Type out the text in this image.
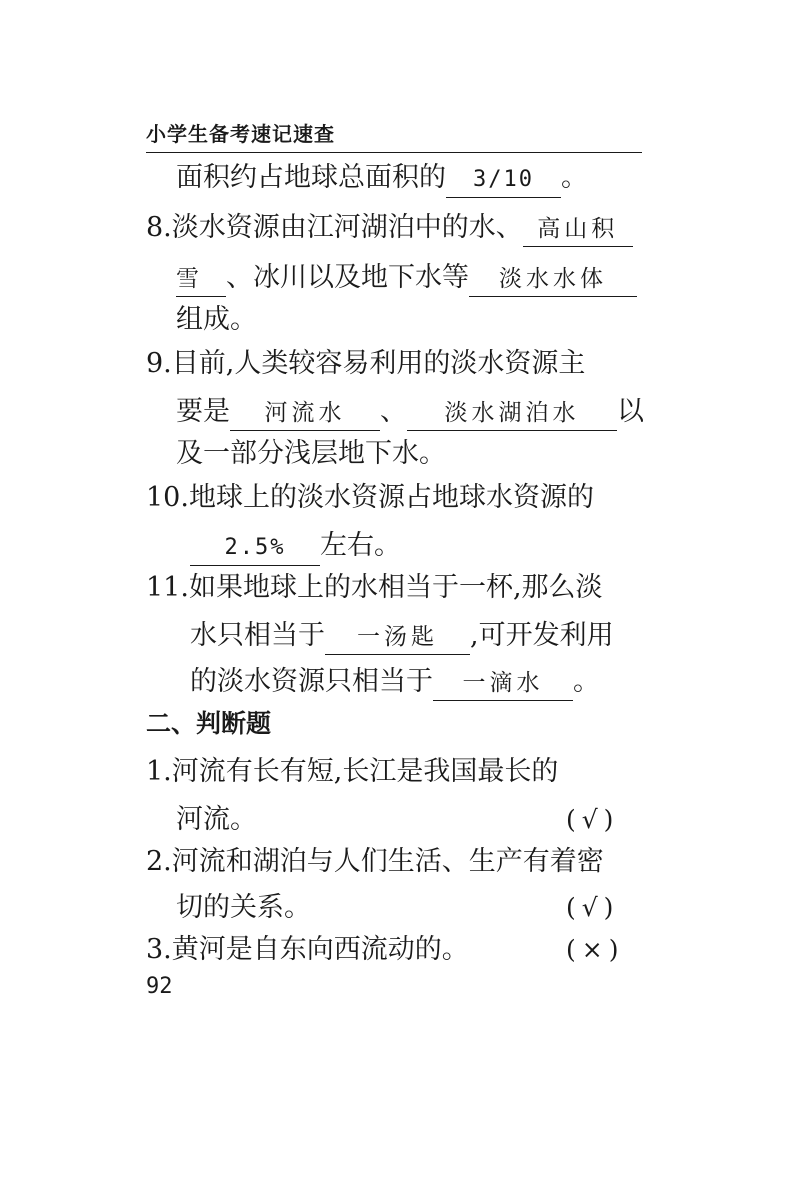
小学生备考速记速查
面积约占地球总面积的 3/10 。
8.淡水资源由江河湖泊中的水、 高山积
雪 、冰川以及地下水等 淡水水体
组成。
9.目前,人类较容易利用的淡水资源主
要是 河流水 、 淡水湖泊水 以
及一部分浅层地下水。
10.地球上的淡水资源占地球水资源的
2.5% 左右。
11.如果地球上的水相当于一杯,那么淡
水只相当于 一汤匙 ,可开发利用
的淡水资源只相当于 一滴水 。
二、判断题
1.河流有长有短,长江是我国最长的
河流。	(√)
2.河流和湖泊与人们生活、生产有着密
切的关系。	(√)
3.黄河是自东向西流动的。	(×)
92
